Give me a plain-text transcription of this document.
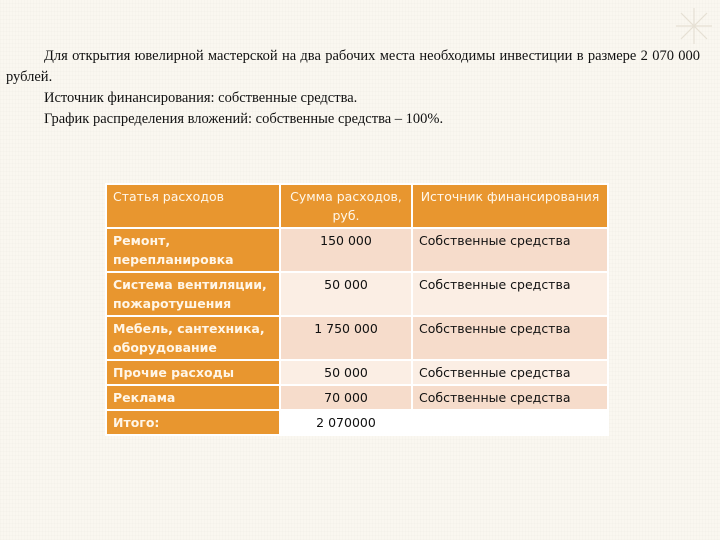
Для открытия ювелирной мастерской на два рабочих места необходимы инвестиции в размере 2 070 000 рублей.

Источник финансирования: собственные средства.

График распределения вложений: собственные средства – 100%.

Статья расходов	Сумма расходов, руб.	Источник финансирования
Ремонт, перепланировка	150 000	Собственные средства
Система вентиляции, пожаротушения	50 000	Собственные средства
Мебель, сантехника, оборудование	1 750 000	Собственные средства
Прочие расходы	50 000	Собственные средства
Реклама	70 000	Собственные средства
Итого:	2 070000	
